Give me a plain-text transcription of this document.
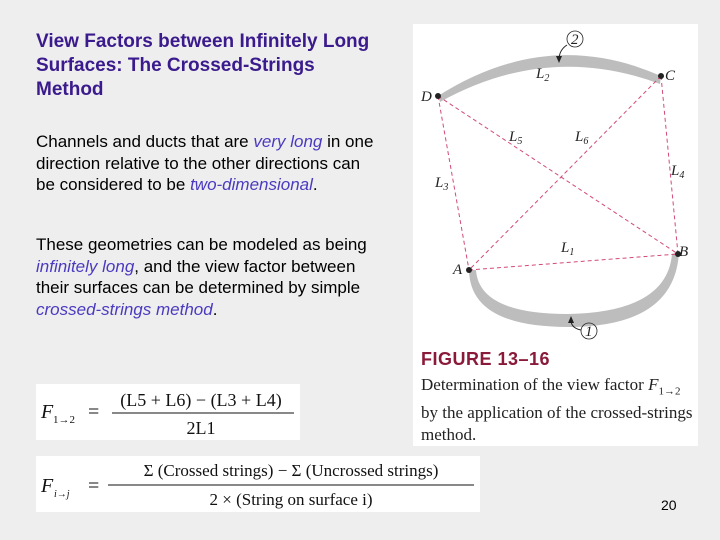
View Factors between Infinitely Long Surfaces: The Crossed-Strings Method

Channels and ducts that are very long in one direction relative to the other directions can be considered to be two-dimensional.

These geometries can be modeled as being infinitely long, and the view factor between their surfaces can be determined by simple crossed-strings method.

D
C
A
B
$L_2$
$L_5$	$L_6$
$L_3$
$L_4$
$L_1$
2
1
FIGURE 13–16
Determination of the view factor $F_{1\to 2}$ by the application of the crossed-strings method.
F 1→2 =
(L5 + L6) − (L3 + L4)
2L1
F i→j =
Σ (Crossed strings) − Σ (Uncrossed strings)
2 × (String on surface i)	20
